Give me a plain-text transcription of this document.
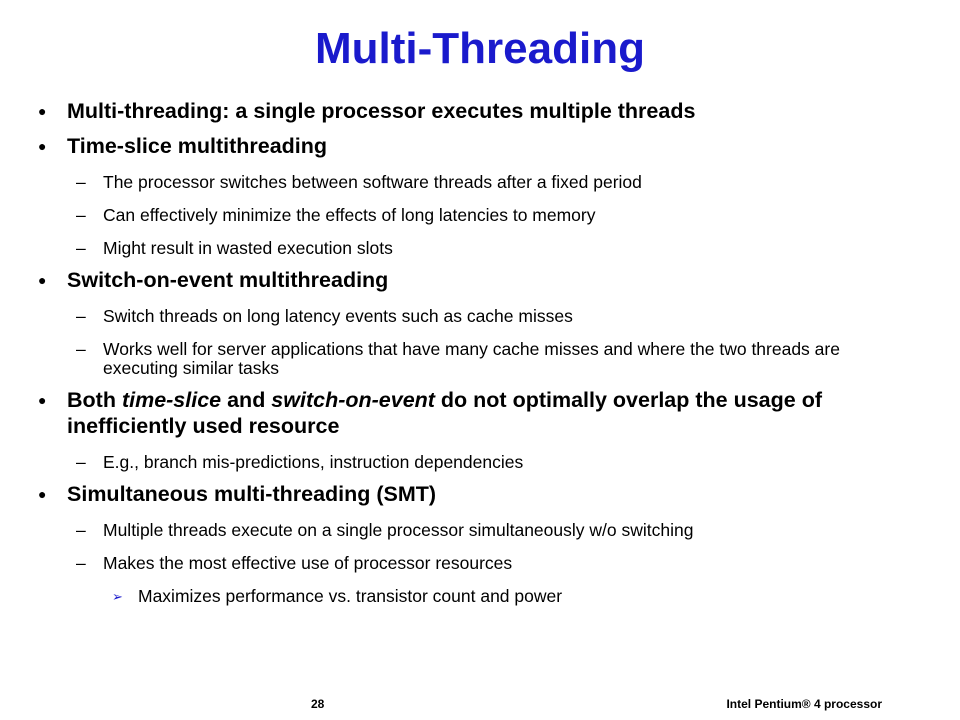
Multi-Threading
● Multi-threading: a single processor executes multiple threads
● Time-slice multithreading
– The processor switches between software threads after a fixed period
– Can effectively minimize the effects of long latencies to memory
– Might result in wasted execution slots
● Switch-on-event multithreading
– Switch threads on long latency events such as cache misses
– Works well for server applications that have many cache misses and where the two threads are executing similar tasks
● Both time-slice and switch-on-event do not optimally overlap the usage of inefficiently used resource
– E.g., branch mis-predictions, instruction dependencies
● Simultaneous multi-threading (SMT)
– Multiple threads execute on a single processor simultaneously w/o switching
– Makes the most effective use of processor resources
➢ Maximizes performance vs. transistor count and power
28	Intel Pentium® 4 processor
